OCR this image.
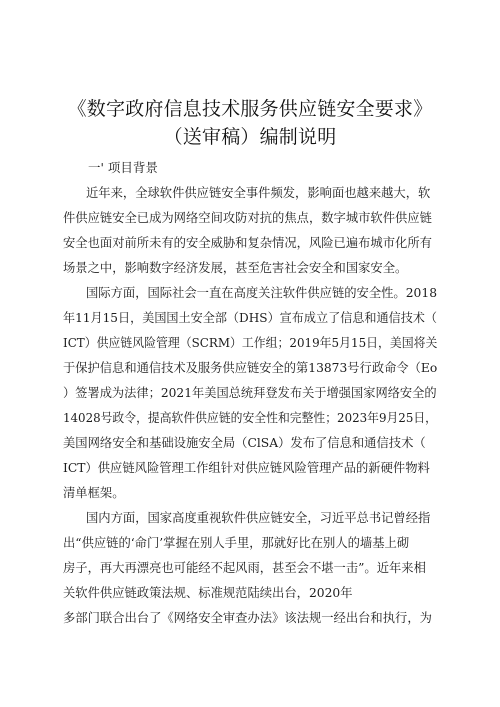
《数字政府信息技术服务供应链安全要求》
（送审稿）编制说明
一' 项目背景
近年来，全球软件供应链安全事件频发，影响面也越来越大，软
件供应链安全已成为网络空间攻防对抗的焦点，数字城市软件供应链
安全也面对前所未有的安全威胁和复杂情况，风险已遍布城市化所有
场景之中，影响数字经济发展，甚至危害社会安全和国家安全。
国际方面，国际社会一直在高度关注软件供应链的安全性。2018
年11月15日，美国国土安全部（DHS）宣布成立了信息和通信技术（
ICT）供应链风险管理（SCRM）工作组；2019年5月15日，美国将关
于保护信息和通信技术及服务供应链安全的第13873号行政命令（Eo
）签署成为法律；2021年美国总统拜登发布关于增强国家网络安全的
14028号政令，提高软件供应链的安全性和完整性；2023年9月25日，
美国网络安全和基础设施安全局（ClSA）发布了信息和通信技术（
ICT）供应链风险管理工作组针对供应链风险管理产品的新硬件物料
清单框架。
国内方面，国家高度重视软件供应链安全，习近平总书记曾经指
出“供应链的‘命门’掌握在别人手里，那就好比在别人的墙基上砌
房子，再大再漂亮也可能经不起风雨，甚至会不堪一击”。近年来相
关软件供应链政策法规、标准规范陆续出台，2020年
多部门联合出台了《网络安全审查办法》该法规一经出台和执行，为
